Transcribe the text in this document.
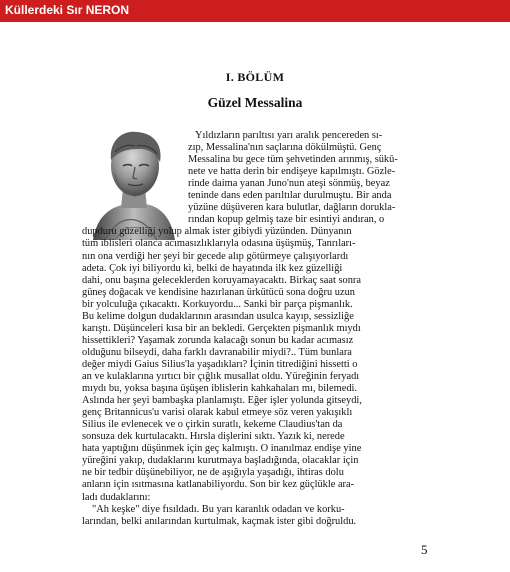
Küllerdeki Sır NERON
I. BÖLÜM
Güzel Messalina
Yıldızların parıltısı yarı aralık pencereden sı-
zıp, Messalina'nın saçlarına dökülmüştü. Genç
Messalina bu gece tüm şehvetinden arınmış, sükû-
nete ve hatta derin bir endişeye kapılmıştı. Gözle-
rinde daima yanan Juno'nun ateşi sönmüş, beyaz
teninde dans eden parıltılar durulmuştu. Bir anda
yüzüne düşüveren kara bulutlar, dağların doruklа-
rından kopup gelmiş taze bir esintiyi andıran, o
dupduru güzelliği yolup almak ister gibiydi yüzünden. Dünyanın
tüm iblisleri olanca acımasızlıklarıyla odasına üşüşmüş, Tanrıları-
nın ona verdiği her şeyi bir gecede alıp götürmeye çalışıyorlardı
adeta. Çok iyi biliyordu ki, belki de hayatında ilk kez güzelliği
dahi, onu başına geleceklerden koruyamayacaktı. Birkaç saat sonra
güneş doğacak ve kendisine hazırlanan ürkütücü sona doğru uzun
bir yolculuğa çıkacaktı. Korkuyordu... Sanki bir parça pişmanlık.
Bu kelime dolgun dudaklarının arasından usulca kayıp, sessizliğe
karıştı. Düşünceleri kısa bir an bekledi. Gerçekten pişmanlık mıydı
hissettikleri? Yaşamak zorunda kalacağı sonun bu kadar acımasız
olduğunu bilseydi, daha farklı davranabilir miydi?.. Tüm bunlara
değer miydi Gaius Silius'la yaşadıkları? İçinin titrediğini hissetti o
an ve kulaklarına yırtıcı bir çığlık musallat oldu. Yüreğinin feryadı
mıydı bu, yoksa başına üşüşen iblislerin kahkahaları mı, bilemedi.
Aslında her şeyi bambaşka planlamıştı. Eğer işler yolunda gitseydi,
genç Britannicus'u varisi olarak kabul etmeye söz veren yakışıklı
Silius ile evlenecek ve o çirkin suratlı, kekeme Claudius'tan da
sonsuza dek kurtulacaktı. Hırsla dişlerini sıktı. Yazık ki, nerede
hata yaptığını düşünmek için geç kalmıştı. O inanılmaz endişe yine
yüreğini yakıp, dudaklarını kurutmaya başladığında, olacaklar için
ne bir tedbir düşünebiliyor, ne de aşığıyla yaşadığı, ihtiras dolu
anların için ısıtmasına katlanabiliyordu. Son bir kez güçlükle ara-
ladı dudaklarını:
"Ah keşke" diye fısıldadı. Bu yarı karanlık odadan ve korku-
larından, belki anılarından kurtulmak, kaçmak ister gibi doğruldu.
5
